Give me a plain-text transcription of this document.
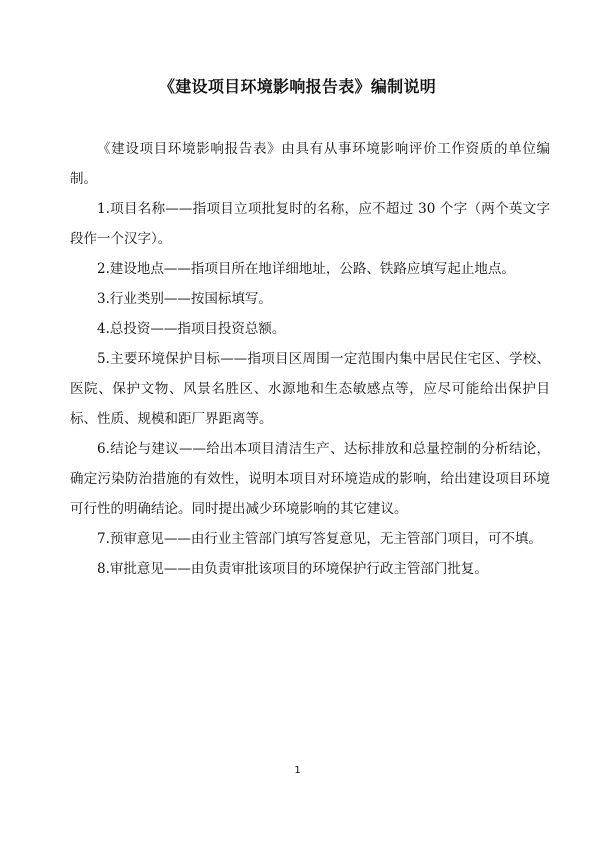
《建设项目环境影响报告表》编制说明

《建设项目环境影响报告表》由具有从事环境影响评价工作资质的单位编制。

1.项目名称——指项目立项批复时的名称，应不超过 30 个字（两个英文字段作一个汉字）。

2.建设地点——指项目所在地详细地址，公路、铁路应填写起止地点。

3.行业类别——按国标填写。

4.总投资——指项目投资总额。

5.主要环境保护目标——指项目区周围一定范围内集中居民住宅区、学校、医院、保护文物、风景名胜区、水源地和生态敏感点等，应尽可能给出保护目标、性质、规模和距厂界距离等。

6.结论与建议——给出本项目清洁生产、达标排放和总量控制的分析结论，确定污染防治措施的有效性，说明本项目对环境造成的影响，给出建设项目环境可行性的明确结论。同时提出减少环境影响的其它建议。

7.预审意见——由行业主管部门填写答复意见，无主管部门项目，可不填。

8.审批意见——由负责审批该项目的环境保护行政主管部门批复。

1
